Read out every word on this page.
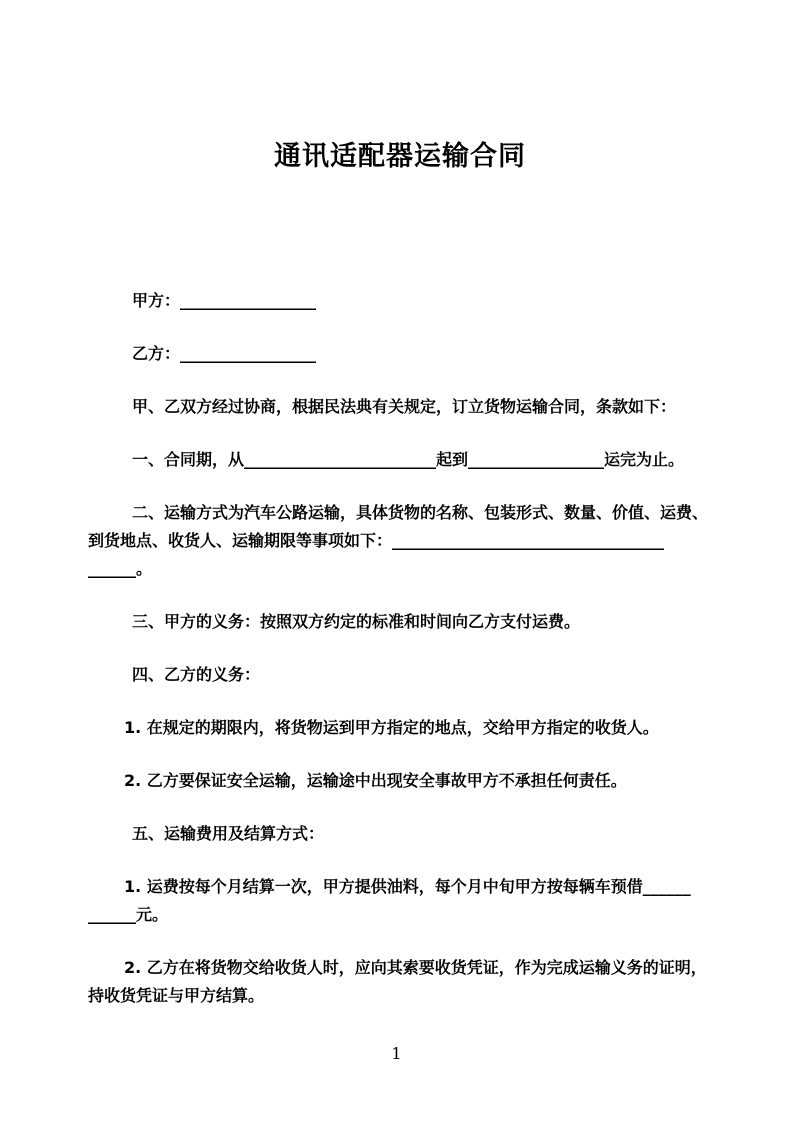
通讯适配器运输合同
甲方：_________________
乙方：_________________
甲、乙双方经过协商，根据民法典有关规定，订立货物运输合同，条款如下：
一、合同期，从________________________起到_________________运完为止。
二、运输方式为汽车公路运输，具体货物的名称、包装形式、数量、价值、运费、
到货地点、收货人、运输期限等事项如下：__________________________________
______。
三、甲方的义务：按照双方约定的标准和时间向乙方支付运费。
四、乙方的义务：
1. 在规定的期限内，将货物运到甲方指定的地点，交给甲方指定的收货人。
2. 乙方要保证安全运输，运输途中出现安全事故甲方不承担任何责任。
五、运输费用及结算方式：
1. 运费按每个月结算一次，甲方提供油料，每个月中旬甲方按每辆车预借______
______元。
2. 乙方在将货物交给收货人时，应向其索要收货凭证，作为完成运输义务的证明，
持收货凭证与甲方结算。
1
